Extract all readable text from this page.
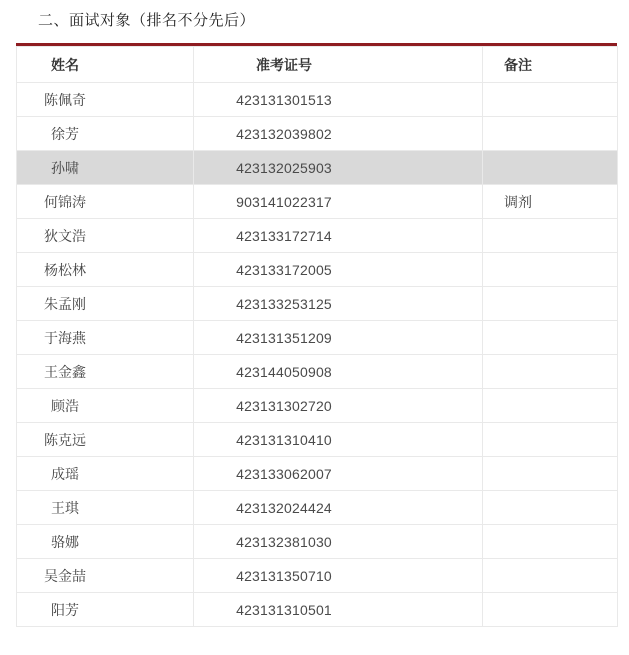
二、面试对象（排名不分先后）
姓名	准考证号	备注

陈佩奇	423131301513	

徐芳	423132039802	

孙啸	423132025903	

何锦涛	903141022317	调剂

狄文浩	423133172714	

杨松林	423133172005	

朱孟刚	423133253125	

于海燕	423131351209	

王金鑫	423144050908	

顾浩	423131302720	

陈克远	423131310410	

成瑶	423133062007	

王琪	423132024424	

骆娜	423132381030	

吴金喆	423131350710	

阳芳	423131310501	
